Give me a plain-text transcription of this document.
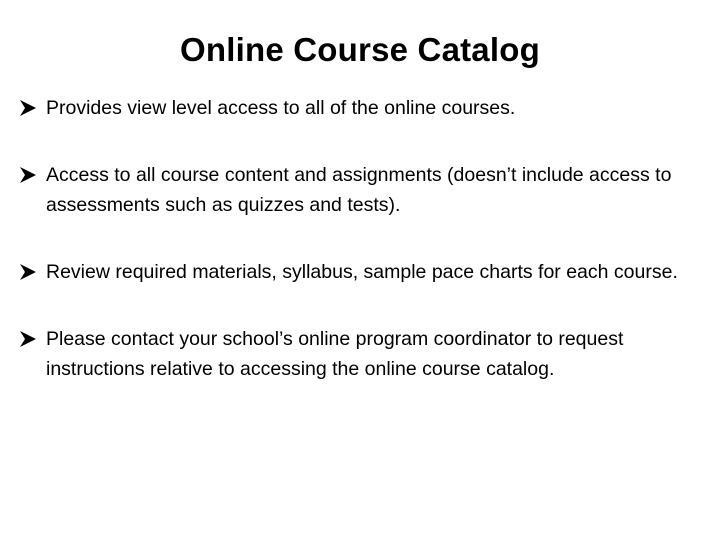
Online Course Catalog
Provides view level access to all of the online courses.
Access to all course content and assignments (doesn’t include access to assessments such as quizzes and tests).
Review required materials, syllabus, sample pace charts for each course.
Please contact your school’s online program coordinator to request instructions relative to accessing the online course catalog.
